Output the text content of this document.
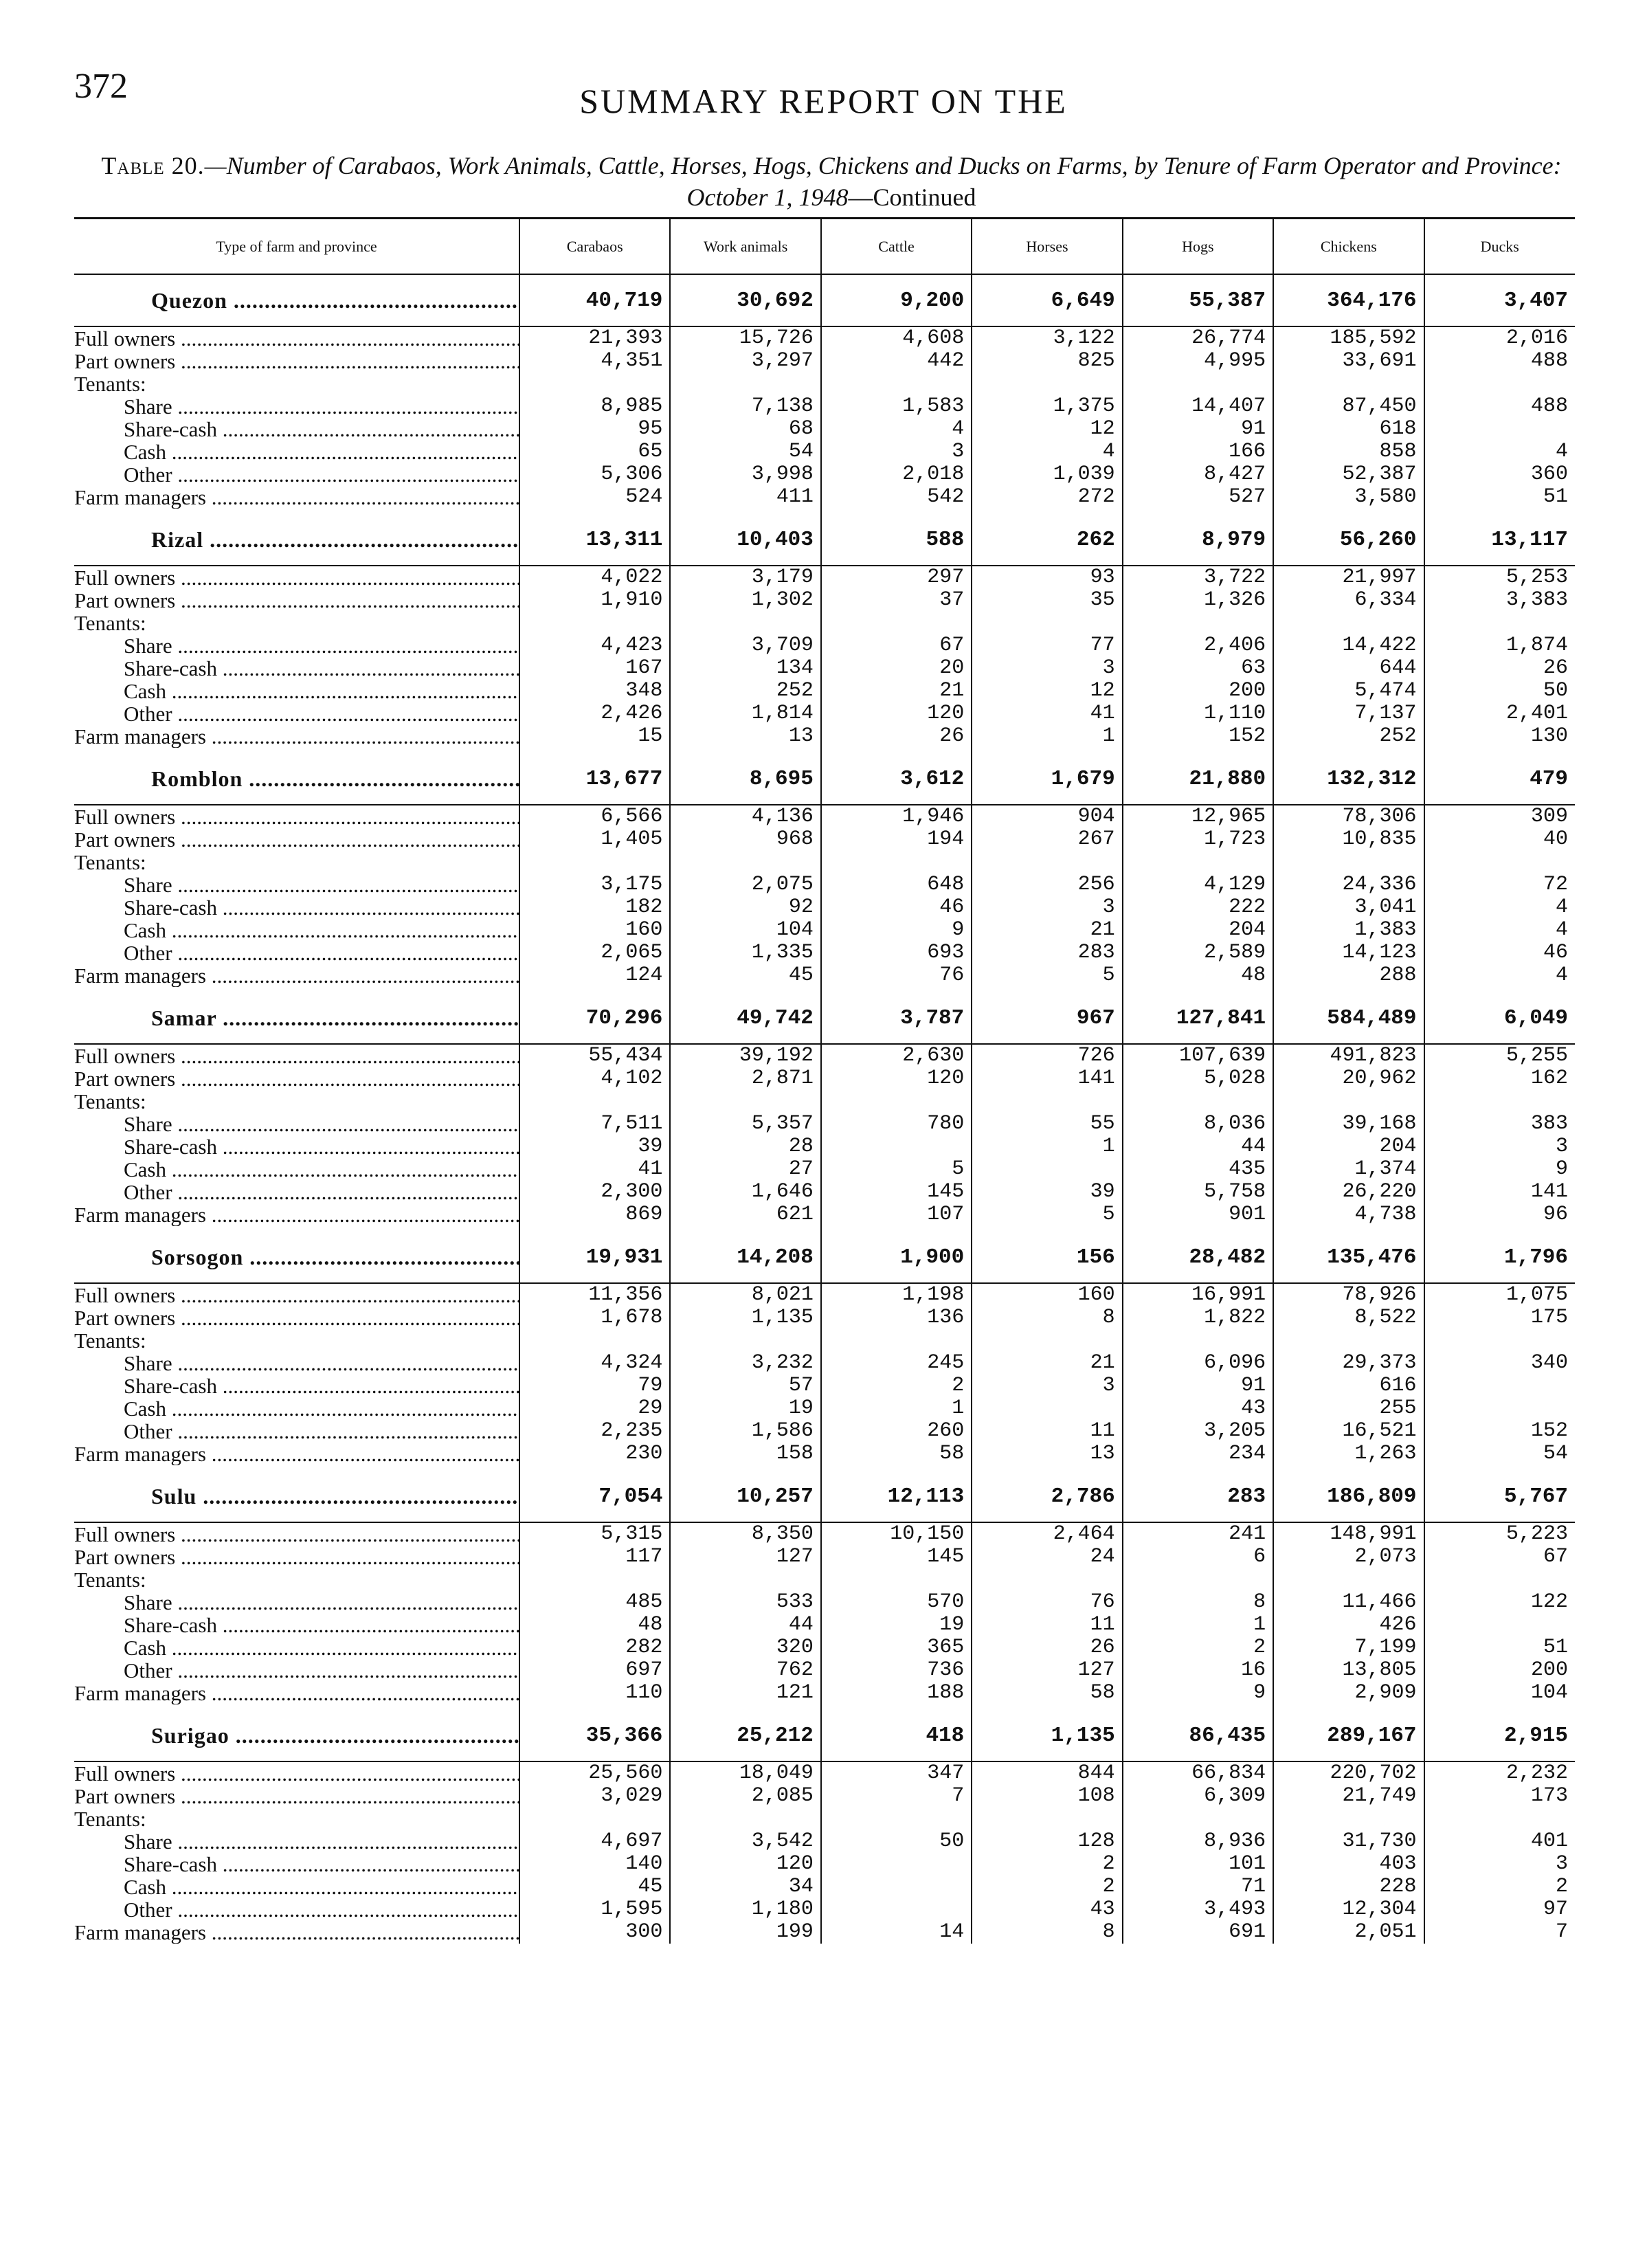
372	SUMMARY REPORT ON THE
Table 20.—Number of Carabaos, Work Animals, Cattle, Horses, Hogs, Chickens and Ducks on Farms, by Tenure of Farm Operator and Province: October 1, 1948—Continued
Type of farm and province	Carabaos	Work animals	Cattle	Horses	Hogs	Chickens	Ducks
Quezon .....	40,719	30,692	9,200	6,649	55,387	364,176	3,407
Full owners .....	21,393	15,726	4,608	3,122	26,774	185,592	2,016
Part owners .....	4,351	3,297	442	825	4,995	33,691	488
Tenants:							
Share .....	8,985	7,138	1,583	1,375	14,407	87,450	488
Share-cash .....	95	68	4	12	91	618	
Cash .....	65	54	3	4	166	858	4
Other .....	5,306	3,998	2,018	1,039	8,427	52,387	360
Farm managers .....	524	411	542	272	527	3,580	51

Rizal .....	13,311	10,403	588	262	8,979	56,260	13,117
Full owners .....	4,022	3,179	297	93	3,722	21,997	5,253
Part owners .....	1,910	1,302	37	35	1,326	6,334	3,383
Tenants:							
Share .....	4,423	3,709	67	77	2,406	14,422	1,874
Share-cash .....	167	134	20	3	63	644	26
Cash .....	348	252	21	12	200	5,474	50
Other .....	2,426	1,814	120	41	1,110	7,137	2,401
Farm managers .....	15	13	26	1	152	252	130

Romblon .....	13,677	8,695	3,612	1,679	21,880	132,312	479
Full owners .....	6,566	4,136	1,946	904	12,965	78,306	309
Part owners .....	1,405	968	194	267	1,723	10,835	40
Tenants:							
Share .....	3,175	2,075	648	256	4,129	24,336	72
Share-cash .....	182	92	46	3	222	3,041	4
Cash .....	160	104	9	21	204	1,383	4
Other .....	2,065	1,335	693	283	2,589	14,123	46
Farm managers .....	124	45	76	5	48	288	4

Samar .....	70,296	49,742	3,787	967	127,841	584,489	6,049
Full owners .....	55,434	39,192	2,630	726	107,639	491,823	5,255
Part owners .....	4,102	2,871	120	141	5,028	20,962	162
Tenants:							
Share .....	7,511	5,357	780	55	8,036	39,168	383
Share-cash .....	39	28		1	44	204	3
Cash .....	41	27	5		435	1,374	9
Other .....	2,300	1,646	145	39	5,758	26,220	141
Farm managers .....	869	621	107	5	901	4,738	96

Sorsogon .....	19,931	14,208	1,900	156	28,482	135,476	1,796
Full owners .....	11,356	8,021	1,198	160	16,991	78,926	1,075
Part owners .....	1,678	1,135	136	8	1,822	8,522	175
Tenants:							
Share .....	4,324	3,232	245	21	6,096	29,373	340
Share-cash .....	79	57	2	3	91	616	
Cash .....	29	19	1		43	255	
Other .....	2,235	1,586	260	11	3,205	16,521	152
Farm managers .....	230	158	58	13	234	1,263	54

Sulu .....	7,054	10,257	12,113	2,786	283	186,809	5,767
Full owners .....	5,315	8,350	10,150	2,464	241	148,991	5,223
Part owners .....	117	127	145	24	6	2,073	67
Tenants:							
Share .....	485	533	570	76	8	11,466	122
Share-cash .....	48	44	19	11	1	426	
Cash .....	282	320	365	26	2	7,199	51
Other .....	697	762	736	127	16	13,805	200
Farm managers .....	110	121	188	58	9	2,909	104

Surigao .....	35,366	25,212	418	1,135	86,435	289,167	2,915
Full owners .....	25,560	18,049	347	844	66,834	220,702	2,232
Part owners .....	3,029	2,085	7	108	6,309	21,749	173
Tenants:							
Share .....	4,697	3,542	50	128	8,936	31,730	401
Share-cash .....	140	120		2	101	403	3
Cash .....	45	34		2	71	228	2
Other .....	1,595	1,180		43	3,493	12,304	97
Farm managers .....	300	199	14	8	691	2,051	7
